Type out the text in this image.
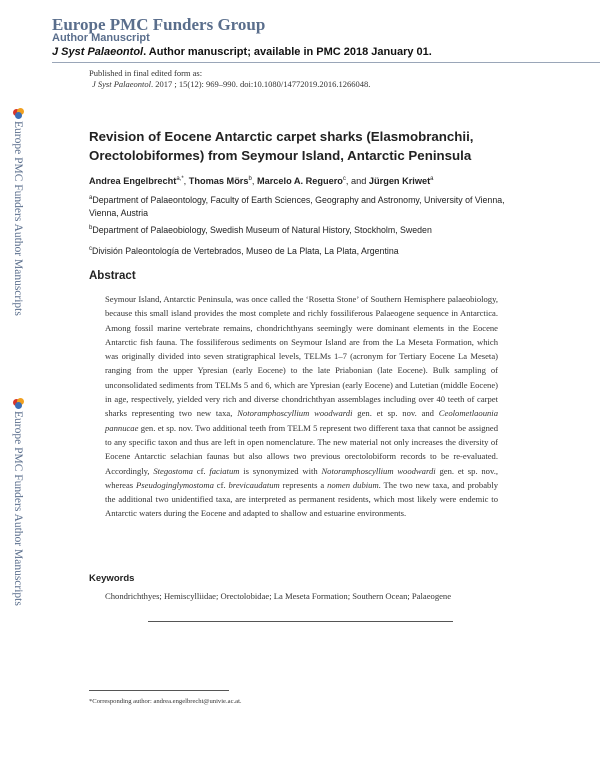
Europe PMC Funders Group
Author Manuscript
J Syst Palaeontol. Author manuscript; available in PMC 2018 January 01.
Published in final edited form as:
J Syst Palaeontol. 2017 ; 15(12): 969–990. doi:10.1080/14772019.2016.1266048.
Europe PMC Funders Author Manuscripts
Europe PMC Funders Author Manuscripts
Revision of Eocene Antarctic carpet sharks (Elasmobranchii,
Orectolobiformes) from Seymour Island, Antarctic Peninsula
Andrea Engelbrecht$^{a,*}$, Thomas Mörs$^b$, Marcelo A. Reguero$^c$, and Jürgen Kriwet$^a$
$^a$Department of Palaeontology, Faculty of Earth Sciences, Geography and Astronomy, University of Vienna, Vienna, Austria
$^b$Department of Palaeobiology, Swedish Museum of Natural History, Stockholm, Sweden
$^c$División Paleontología de Vertebrados, Museo de La Plata, La Plata, Argentina
Abstract
Seymour Island, Antarctic Peninsula, was once called the ‘Rosetta Stone’ of Southern Hemisphere palaeobiology, because this small island provides the most complete and richly fossiliferous Palaeogene sequence in Antarctica. Among fossil marine vertebrate remains, chondrichthyans seemingly were dominant elements in the Eocene Antarctic fish fauna. The fossiliferous sediments on Seymour Island are from the La Meseta Formation, which was originally divided into seven stratigraphical levels, TELMs 1–7 (acronym for Tertiary Eocene La Meseta) ranging from the upper Ypresian (early Eocene) to the late Priabonian (late Eocene). Bulk sampling of unconsolidated sediments from TELMs 5 and 6, which are Ypresian (early Eocene) and Lutetian (middle Eocene) in age, respectively, yielded very rich and diverse chondrichthyan assemblages including over 40 teeth of carpet sharks representing two new taxa, Notoramphoscyllium woodwardi gen. et sp. nov. and Ceolometlaounia pannucae gen. et sp. nov. Two additional teeth from TELM 5 represent two different taxa that cannot be assigned to any specific taxon and thus are left in open nomenclature. The new material not only increases the diversity of Eocene Antarctic selachian faunas but also allows two previous orectolobiform records to be re-evaluated. Accordingly, Stegostoma cf. faciatum is synonymized with Notoramphoscyllium woodwardi gen. et sp. nov., whereas Pseudoginglymostoma cf. brevicaudatum represents a nomen dubium. The two new taxa, and probably the additional two unidentified taxa, are interpreted as permanent residents, which most likely were endemic to Antarctic waters during the Eocene and adapted to shallow and estuarine environments.
Keywords
Chondrichthyes; Hemiscylliidae; Orectolobidae; La Meseta Formation; Southern Ocean; Palaeogene
*Corresponding author: andrea.engelbrecht@univie.ac.at.
